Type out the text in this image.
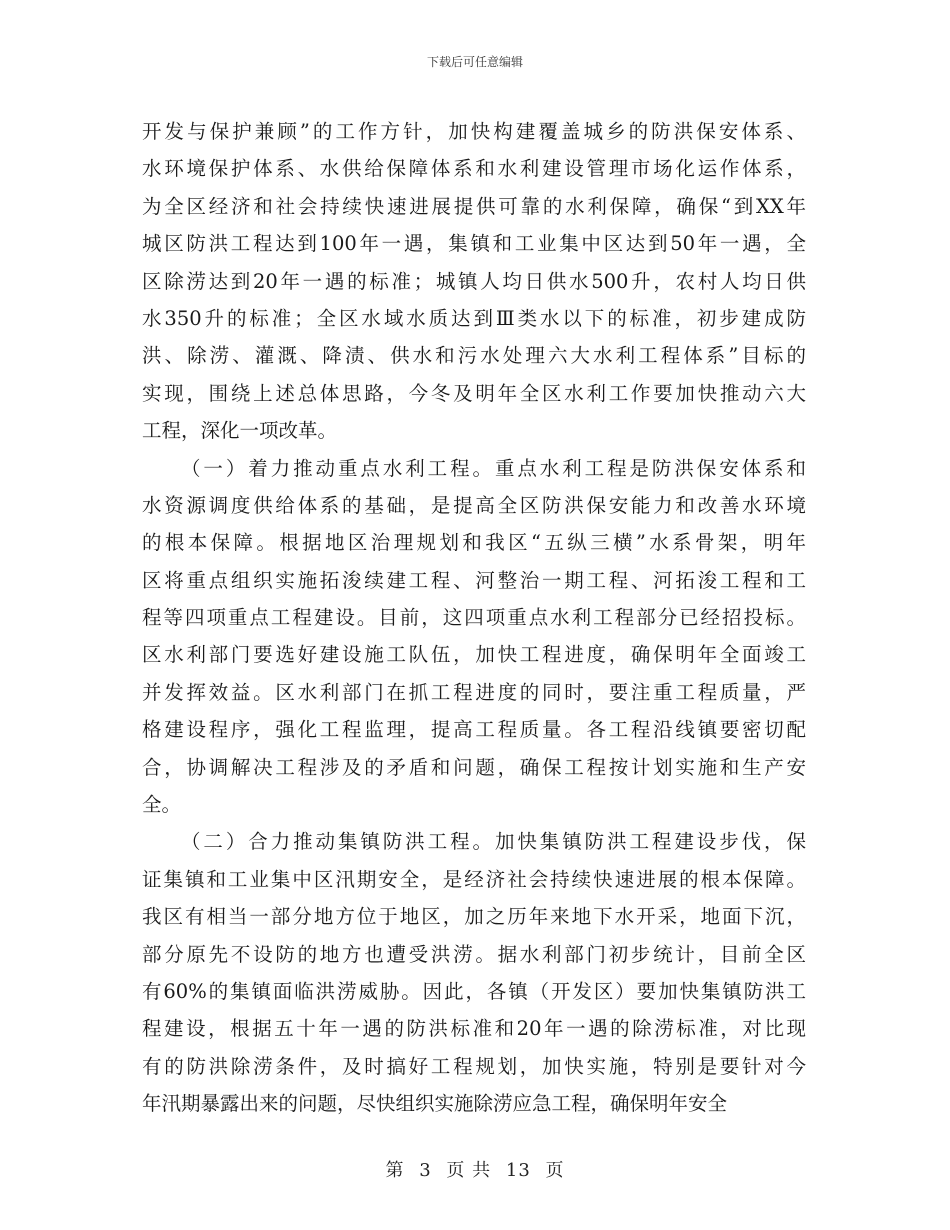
下载后可任意编辑
开发与保护兼顾”的工作方针，加快构建覆盖城乡的防洪保安体系、
水环境保护体系、水供给保障体系和水利建设管理市场化运作体系，
为全区经济和社会持续快速进展提供可靠的水利保障，确保“到XX年
城区防洪工程达到100年一遇，集镇和工业集中区达到50年一遇，全
区除涝达到20年一遇的标准；城镇人均日供水500升，农村人均日供
水350升的标准；全区水域水质达到Ⅲ类水以下的标准，初步建成防
洪、除涝、灌溉、降渍、供水和污水处理六大水利工程体系”目标的
实现，围绕上述总体思路，今冬及明年全区水利工作要加快推动六大
工程，深化一项改革。
（一）着力推动重点水利工程。重点水利工程是防洪保安体系和
水资源调度供给体系的基础，是提高全区防洪保安能力和改善水环境
的根本保障。根据地区治理规划和我区“五纵三横”水系骨架，明年
区将重点组织实施拓浚续建工程、河整治一期工程、河拓浚工程和工
程等四项重点工程建设。目前，这四项重点水利工程部分已经招投标。
区水利部门要选好建设施工队伍，加快工程进度，确保明年全面竣工
并发挥效益。区水利部门在抓工程进度的同时，要注重工程质量，严
格建设程序，强化工程监理，提高工程质量。各工程沿线镇要密切配
合，协调解决工程涉及的矛盾和问题，确保工程按计划实施和生产安
全。
（二）合力推动集镇防洪工程。加快集镇防洪工程建设步伐，保
证集镇和工业集中区汛期安全，是经济社会持续快速进展的根本保障。
我区有相当一部分地方位于地区，加之历年来地下水开采，地面下沉，
部分原先不设防的地方也遭受洪涝。据水利部门初步统计，目前全区
有60%的集镇面临洪涝威胁。因此，各镇（开发区）要加快集镇防洪工
程建设，根据五十年一遇的防洪标准和20年一遇的除涝标准，对比现
有的防洪除涝条件，及时搞好工程规划，加快实施，特别是要针对今
年汛期暴露出来的问题，尽快组织实施除涝应急工程，确保明年安全
第 3 页 共 13 页
